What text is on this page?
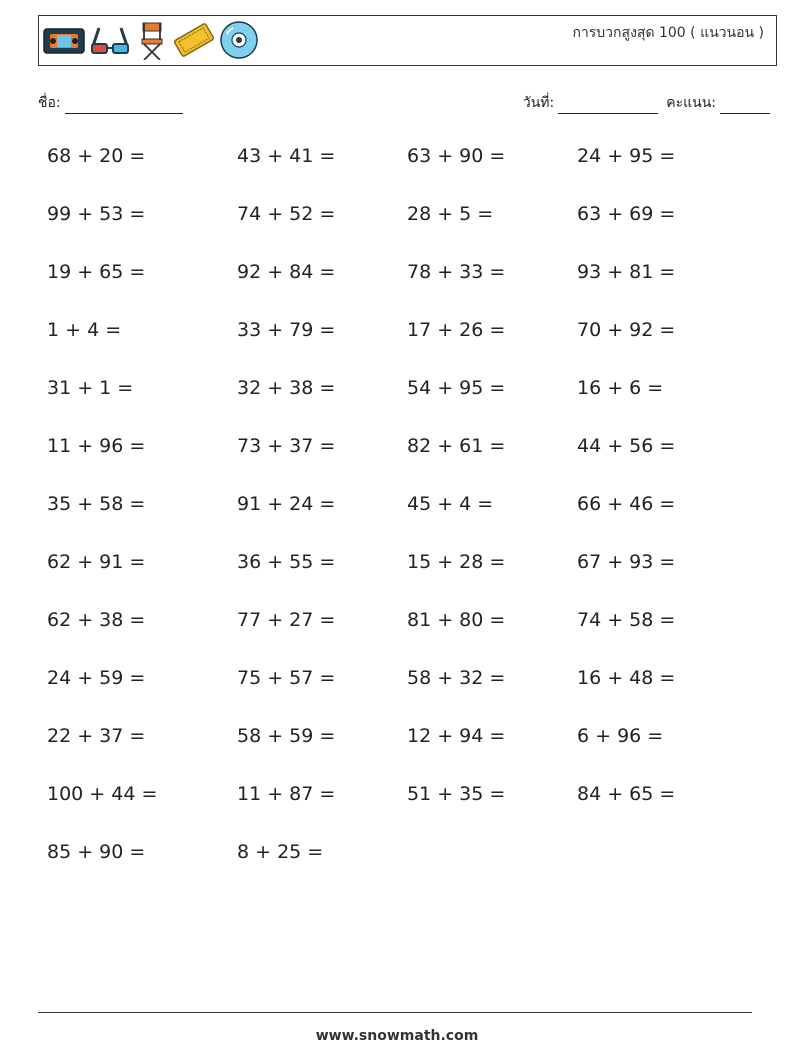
การบวกสูงสุด 100 ( แนวนอน )
ชื่อ:	วันที่:	คะแนน:
68 + 20 =	43 + 41 =	63 + 90 =	24 + 95 =
99 + 53 =	74 + 52 =	28 + 5 =	63 + 69 =
19 + 65 =	92 + 84 =	78 + 33 =	93 + 81 =
1 + 4 =	33 + 79 =	17 + 26 =	70 + 92 =
31 + 1 =	32 + 38 =	54 + 95 =	16 + 6 =
11 + 96 =	73 + 37 =	82 + 61 =	44 + 56 =
35 + 58 =	91 + 24 =	45 + 4 =	66 + 46 =
62 + 91 =	36 + 55 =	15 + 28 =	67 + 93 =
62 + 38 =	77 + 27 =	81 + 80 =	74 + 58 =
24 + 59 =	75 + 57 =	58 + 32 =	16 + 48 =
22 + 37 =	58 + 59 =	12 + 94 =	6 + 96 =
100 + 44 =	11 + 87 =	51 + 35 =	84 + 65 =
85 + 90 =	8 + 25 =
www.snowmath.com
